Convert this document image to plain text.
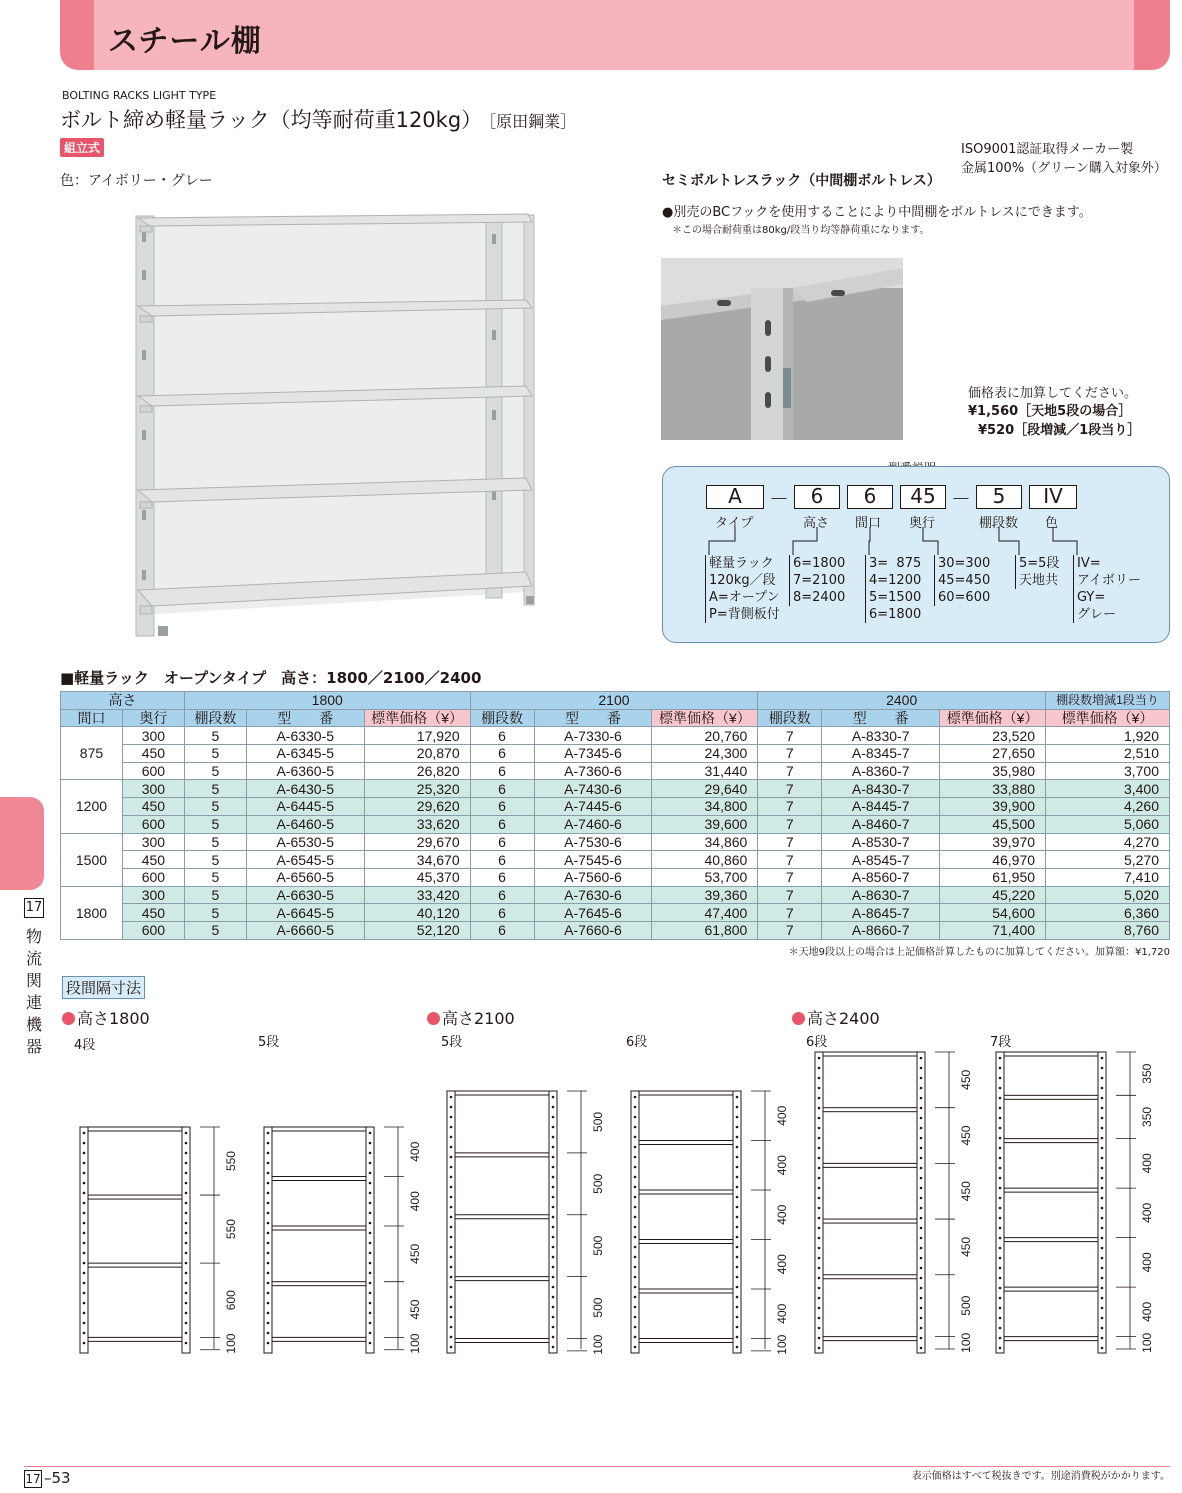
スチール棚
BOLTING RACKS LIGHT TYPE
ボルト締め軽量ラック（均等耐荷重120kg） ［原田鋼業］
組立式
色：アイボリー・グレー
ISO9001認証取得メーカー製
金属100%（グリーン購入対象外）
セミボルトレスラック（中間棚ボルトレス）
●別売のBCフックを使用することにより中間棚をボルトレスにできます。
＊この場合耐荷重は80kg/段当り均等静荷重になります。
価格表に加算してください。
¥1,560［天地5段の場合］
¥520［段増減／1段当り］
A	－	6	6	45 －	5	IV
タイプ	高さ 間口 奥行	棚段数 色
軽量ラック
120kg／段
A=オープン
P=背側板付
6=1800
7=2100
8=2400
3=  875
4=1200
5=1500
6=1800
30=300
45=450
60=600
5=5段
天地共
IV=
アイボリー
GY=
グレー
■軽量ラック　オープンタイプ　高さ：1800／2100／2400
高さ		1800			2100			2400			棚段数増減1段当り
間口	奥行	棚段数	型　　番	標準価格（¥）	棚段数	型　　番	標準価格（¥）	棚段数	型　　番	標準価格（¥）	標準価格（¥）
875	300	5	A-6330-5	17,920	6	A-7330-6	20,760	7	A-8330-7	23,520	1,920
	450	5	A-6345-5	20,870	6	A-7345-6	24,300	7	A-8345-7	27,650	2,510
	600	5	A-6360-5	26,820	6	A-7360-6	31,440	7	A-8360-7	35,980	3,700
1200	300	5	A-6430-5	25,320	6	A-7430-6	29,640	7	A-8430-7	33,880	3,400
	450	5	A-6445-5	29,620	6	A-7445-6	34,800	7	A-8445-7	39,900	4,260
	600	5	A-6460-5	33,620	6	A-7460-6	39,600	7	A-8460-7	45,500	5,060
1500	300	5	A-6530-5	29,670	6	A-7530-6	34,860	7	A-8530-7	39,970	4,270
	450	5	A-6545-5	34,670	6	A-7545-6	40,860	7	A-8545-7	46,970	5,270
	600	5	A-6560-5	45,370	6	A-7560-6	53,700	7	A-8560-7	61,950	7,410
1800	300	5	A-6630-5	33,420	6	A-7630-6	39,360	7	A-8630-7	45,220	5,020
	450	5	A-6645-5	40,120	6	A-7645-6	47,400	7	A-8645-7	54,600	6,360
	600	5	A-6660-5	52,120	6	A-7660-6	61,800	7	A-8660-7	71,400	8,760
＊天地9段以上の場合は上記価格計算したものに加算してください。加算額：¥1,720
17
物流関連機器
段間隔寸法
高さ1800	高さ2100	高さ2400
4段	5段	5段	6段	6段	7段
550
550
600
100
400
400
450
450
100
500
500
500
500
100
400
400
400
400
400
100
450
450
450
450
500
100
350
350
400
400
400
400
100
17 –53	表示価格はすべて税抜きです。別途消費税がかかります。
